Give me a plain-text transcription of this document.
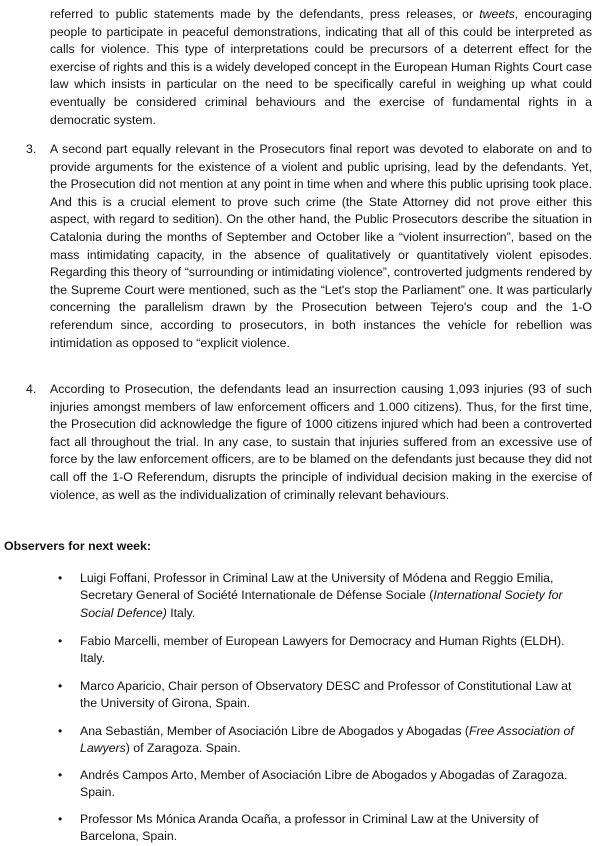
referred to public statements made by the defendants, press releases, or tweets, encouraging people to participate in peaceful demonstrations, indicating that all of this could be interpreted as calls for violence. This type of interpretations could be precursors of a deterrent effect for the exercise of rights and this is a widely developed concept in the European Human Rights Court case law which insists in particular on the need to be specifically careful in weighing up what could eventually be considered criminal behaviours and the exercise of fundamental rights in a democratic system.

3. A second part equally relevant in the Prosecutors final report was devoted to elaborate on and to provide arguments for the existence of a violent and public uprising, lead by the defendants. Yet, the Prosecution did not mention at any point in time when and where this public uprising took place. And this is a crucial element to prove such crime (the State Attorney did not prove either this aspect, with regard to sedition). On the other hand, the Public Prosecutors describe the situation in Catalonia during the months of September and October like a “violent insurrection”, based on the mass intimidating capacity, in the absence of qualitatively or quantitatively violent episodes. Regarding this theory of “surrounding or intimidating violence”, controverted judgments rendered by the Supreme Court were mentioned, such as the “Let's stop the Parliament” one. It was particularly concerning the parallelism drawn by the Prosecution between Tejero's coup and the 1-O referendum since, according to prosecutors, in both instances the vehicle for rebellion was intimidation as opposed to “explicit violence.

4. According to Prosecution, the defendants lead an insurrection causing 1,093 injuries (93 of such injuries amongst members of law enforcement officers and 1.000 citizens). Thus, for the first time, the Prosecution did acknowledge the figure of 1000 citizens injured which had been a controverted fact all throughout the trial. In any case, to sustain that injuries suffered from an excessive use of force by the law enforcement officers, are to be blamed on the defendants just because they did not call off the 1-O Referendum, disrupts the principle of individual decision making in the exercise of violence, as well as the individualization of criminally relevant behaviours.

Observers for next week:
• Luigi Foffani, Professor in Criminal Law at the University of Módena and Reggio Emilia, Secretary General of Société Internationale de Défense Sociale (International Society for Social Defence) Italy.

• Fabio Marcelli, member of European Lawyers for Democracy and Human Rights (ELDH). Italy.

• Marco Aparicio, Chair person of Observatory DESC and Professor of Constitutional Law at the University of Girona, Spain.

• Ana Sebastián, Member of Asociación Libre de Abogados y Abogadas (Free Association of Lawyers) of Zaragoza. Spain.

• Andrés Campos Arto, Member of Asociación Libre de Abogados y Abogadas of Zaragoza. Spain.

• Professor Ms Mónica Aranda Ocaña, a professor in Criminal Law at the University of Barcelona, Spain.
